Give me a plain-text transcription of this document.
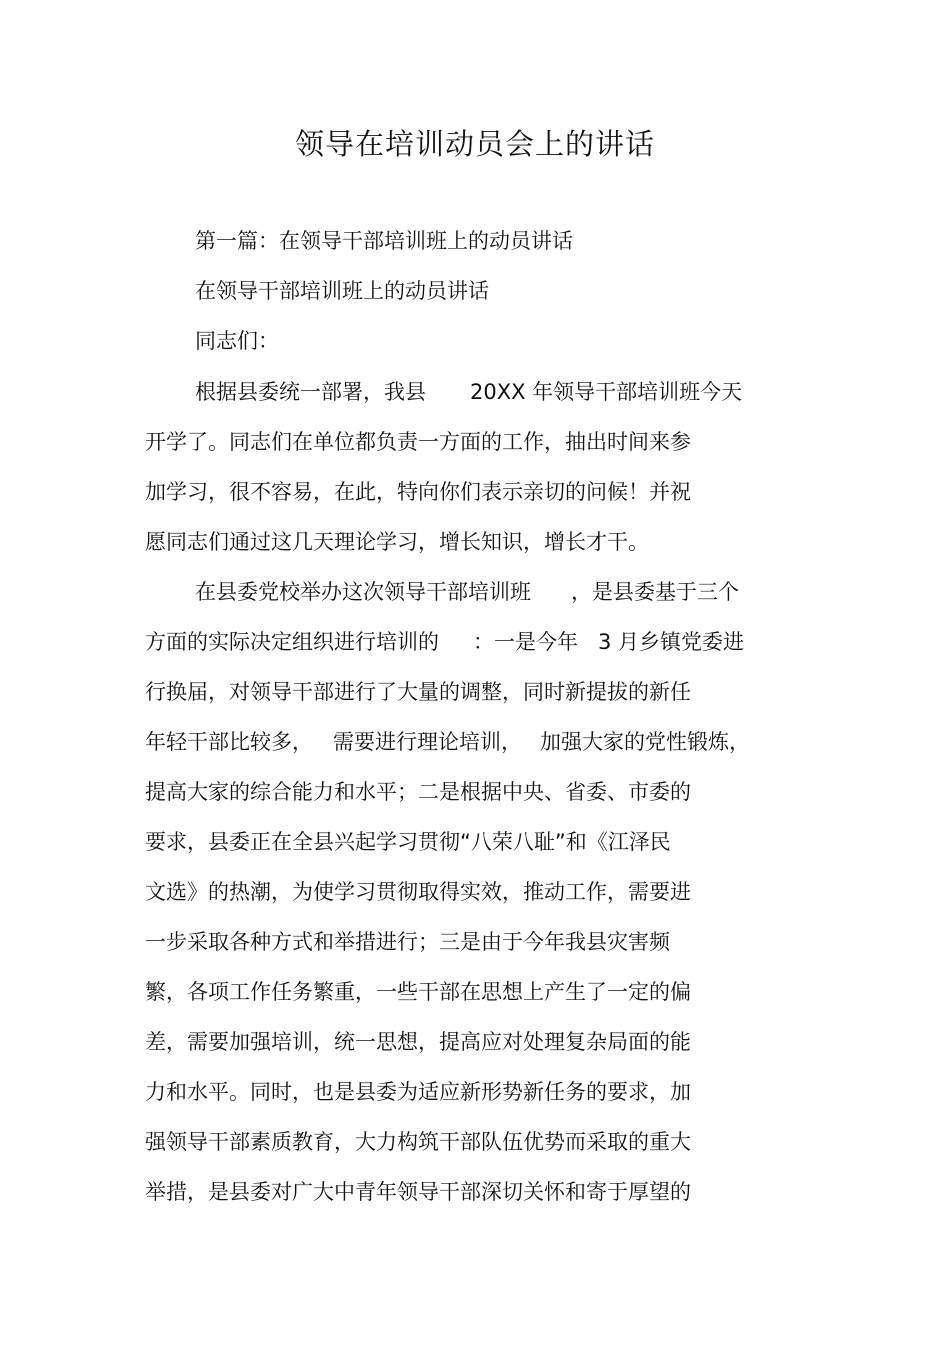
领导在培训动员会上的讲话
第一篇：在领导干部培训班上的动员讲话
在领导干部培训班上的动员讲话
同志们：
根据县委统一部署，我县 20XX 年领导干部培训班今天
开学了。同志们在单位都负责一方面的工作，抽出时间来参
加学习，很不容易，在此，特向你们表示亲切的问候！并祝
愿同志们通过这几天理论学习，增长知识，增长才干。
在县委党校举办这次领导干部培训班 ，是县委基于三个
方面的实际决定组织进行培训的 ：一是今年 3 月乡镇党委进
行换届，对领导干部进行了大量的调整，同时新提拔的新任
年轻干部比较多， 需要进行理论培训， 加强大家的党性锻炼，
提高大家的综合能力和水平；二是根据中央、省委、市委的
要求，县委正在全县兴起学习贯彻“八荣八耻”和《江泽民
文选》的热潮，为使学习贯彻取得实效，推动工作，需要进
一步采取各种方式和举措进行；三是由于今年我县灾害频
繁，各项工作任务繁重，一些干部在思想上产生了一定的偏
差，需要加强培训，统一思想，提高应对处理复杂局面的能
力和水平。同时，也是县委为适应新形势新任务的要求，加
强领导干部素质教育，大力构筑干部队伍优势而采取的重大
举措，是县委对广大中青年领导干部深切关怀和寄于厚望的
